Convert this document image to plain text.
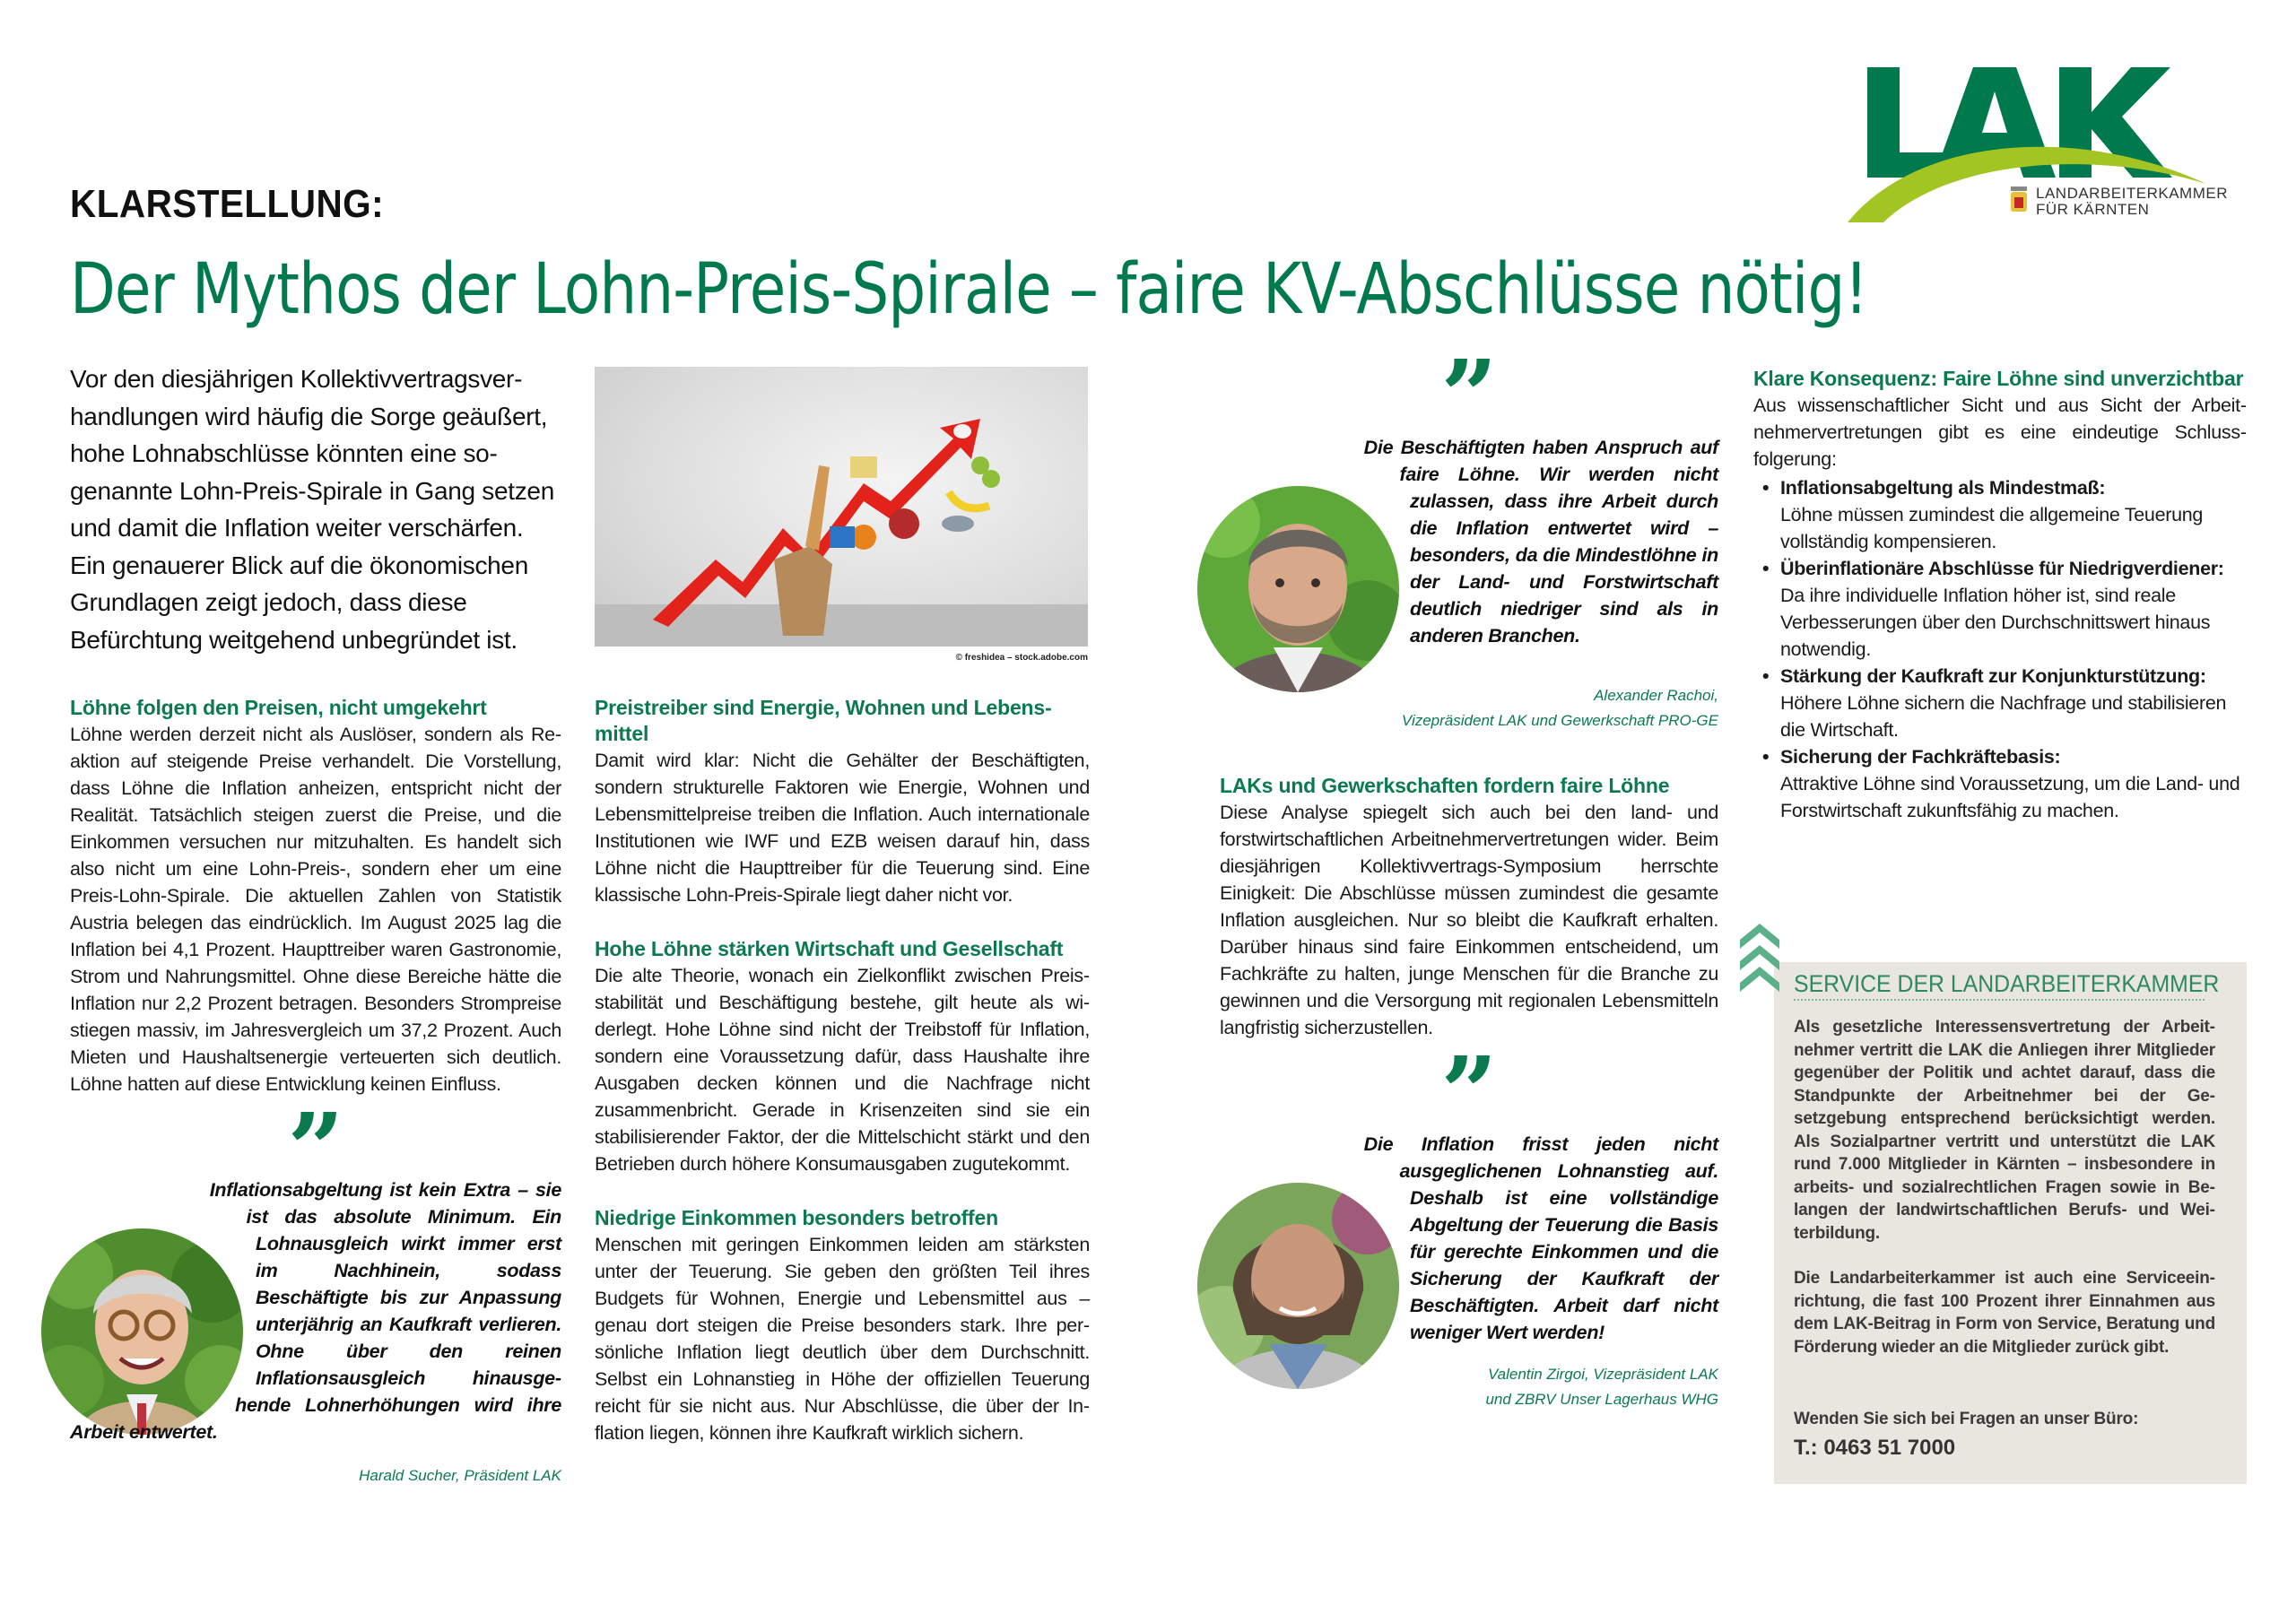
LANDARBEITERKAMMER
FÜR KÄRNTEN
KLARSTELLUNG:
Der Mythos der Lohn-Preis-Spirale – faire KV-Abschlüsse nötig!

Vor den diesjährigen Kollektivvertragsverhandlungen wird häufig die Sorge geäußert, hohe Lohnabschlüsse könnten eine sogenannte Lohn-Preis-Spirale in Gang setzen und damit die Inflation weiter verschärfen. Ein genauerer Blick auf die ökonomischen Grundlagen zeigt jedoch, dass diese Befürchtung weitgehend unbegründet ist.

Löhne folgen den Preisen, nicht umgekehrt

Löhne werden derzeit nicht als Auslöser, sondern als Reaktion auf steigende Preise verhandelt. Die Vorstellung, dass Löhne die Inflation anheizen, entspricht nicht der Realität. Tatsächlich steigen zuerst die Preise, und die Einkommen versuchen nur mitzuhalten. Es handelt sich also nicht um eine Lohn-Preis-, sondern eher um eine Preis-Lohn-Spirale. Die aktuellen Zahlen von Statistik Austria belegen das eindrücklich. Im August 2025 lag die Inflation bei 4,1 Prozent. Haupttreiber waren Gastronomie, Strom und Nahrungsmittel. Ohne diese Bereiche hätte die Inflation nur 2,2 Prozent betragen. Besonders Strompreise stiegen massiv, im Jahresvergleich um 37,2 Prozent. Auch Mieten und Haushaltsenergie verteuerten sich deutlich. Löhne hatten auf diese Entwicklung keinen Einfluss.

”

Inflationsabgeltung ist kein Extra – sie ist das absolute Minimum. Ein Lohnausgleich wirkt immer erst im Nachhinein, sodass Beschäftigte bis zur Anpassung unterjährig an Kaufkraft verlieren. Ohne über den reinen Inflationsausgleich hinausgehende Lohnerhöhungen wird ihre Arbeit entwertet.

Harald Sucher, Präsident LAK

© freshidea – stock.adobe.com
Preistreiber sind Energie, Wohnen und Lebensmittel

Damit wird klar: Nicht die Gehälter der Beschäftigten, sondern strukturelle Faktoren wie Energie, Wohnen und Lebensmittelpreise treiben die Inflation. Auch internationale Institutionen wie IWF und EZB weisen darauf hin, dass Löhne nicht die Haupttreiber für die Teuerung sind. Eine klassische Lohn-Preis-Spirale liegt daher nicht vor.

Hohe Löhne stärken Wirtschaft und Gesellschaft

Die alte Theorie, wonach ein Zielkonflikt zwischen Preisstabilität und Beschäftigung bestehe, gilt heute als widerlegt. Hohe Löhne sind nicht der Treibstoff für Inflation, sondern eine Voraussetzung dafür, dass Haushalte ihre Ausgaben decken können und die Nachfrage nicht zusammenbricht. Gerade in Krisenzeiten sind sie ein stabilisierender Faktor, der die Mittelschicht stärkt und den Betrieben durch höhere Konsumausgaben zugutekommt.

Niedrige Einkommen besonders betroffen

Menschen mit geringen Einkommen leiden am stärksten unter der Teuerung. Sie geben den größten Teil ihres Budgets für Wohnen, Energie und Lebensmittel aus – genau dort steigen die Preise besonders stark. Ihre persönliche Inflation liegt deutlich über dem Durchschnitt. Selbst ein Lohnanstieg in Höhe der offiziellen Teuerung reicht für sie nicht aus. Nur Abschlüsse, die über der Inflation liegen, können ihre Kaufkraft wirklich sichern.

”

Die Beschäftigten haben Anspruch auf faire Löhne. Wir werden nicht zulassen, dass ihre Arbeit durch die Inflation entwertet wird – besonders, da die Mindestlöhne in der Land- und Forstwirtschaft deutlich niedriger sind als in anderen Branchen.

Alexander Rachoi,

Vizepräsident LAK und Gewerkschaft PRO-GE

LAKs und Gewerkschaften fordern faire Löhne

Diese Analyse spiegelt sich auch bei den land- und forstwirtschaftlichen Arbeitnehmervertretungen wider. Beim diesjährigen Kollektivvertrags-Symposium herrschte Einigkeit: Die Abschlüsse müssen zumindest die gesamte Inflation ausgleichen. Nur so bleibt die Kaufkraft erhalten. Darüber hinaus sind faire Einkommen entscheidend, um Fachkräfte zu halten, junge Menschen für die Branche zu gewinnen und die Versorgung mit regionalen Lebensmitteln langfristig sicherzustellen.

”

Die Inflation frisst jeden nicht ausgeglichenen Lohnanstieg auf. Deshalb ist eine vollständige Abgeltung der Teuerung die Basis für gerechte Einkommen und die Sicherung der Kaufkraft der Beschäftigten. Arbeit darf nicht weniger Wert werden!

Valentin Zirgoi, Vizepräsident LAK

und ZBRV Unser Lagerhaus WHG

Klare Konsequenz: Faire Löhne sind unverzichtbar

Aus wissenschaftlicher Sicht und aus Sicht der Arbeitnehmervertretungen gibt es eine eindeutige Schlussfolgerung:

• Inflationsabgeltung als Mindestmaß:
Löhne müssen zumindest die allgemeine Teuerung vollständig kompensieren.
• Überinflationäre Abschlüsse für Niedrigverdiener:
Da ihre individuelle Inflation höher ist, sind reale Verbesserungen über den Durchschnittswert hinaus notwendig.
• Stärkung der Kaufkraft zur Konjunkturstützung:
Höhere Löhne sichern die Nachfrage und stabilisieren die Wirtschaft.
• Sicherung der Fachkräftebasis:
Attraktive Löhne sind Voraussetzung, um die Land- und Forstwirtschaft zukunftsfähig zu machen.
SERVICE DER LANDARBEITERKAMMER

Als gesetzliche Interessensvertretung der Arbeitnehmer vertritt die LAK die Anliegen ihrer Mitglieder gegenüber der Politik und achtet darauf, dass die Standpunkte der Arbeitnehmer bei der Gesetzgebung entsprechend berücksichtigt werden. Als Sozialpartner vertritt und unterstützt die LAK rund 7.000 Mitglieder in Kärnten – insbesondere in arbeits- und sozialrechtlichen Fragen sowie in Belangen der landwirtschaftlichen Berufs- und Weiterbildung.

Die Landarbeiterkammer ist auch eine Serviceeinrichtung, die fast 100 Prozent ihrer Einnahmen aus dem LAK-Beitrag in Form von Service, Beratung und Förderung wieder an die Mitglieder zurück gibt.

Wenden Sie sich bei Fragen an unser Büro:

T.: 0463 51 7000
